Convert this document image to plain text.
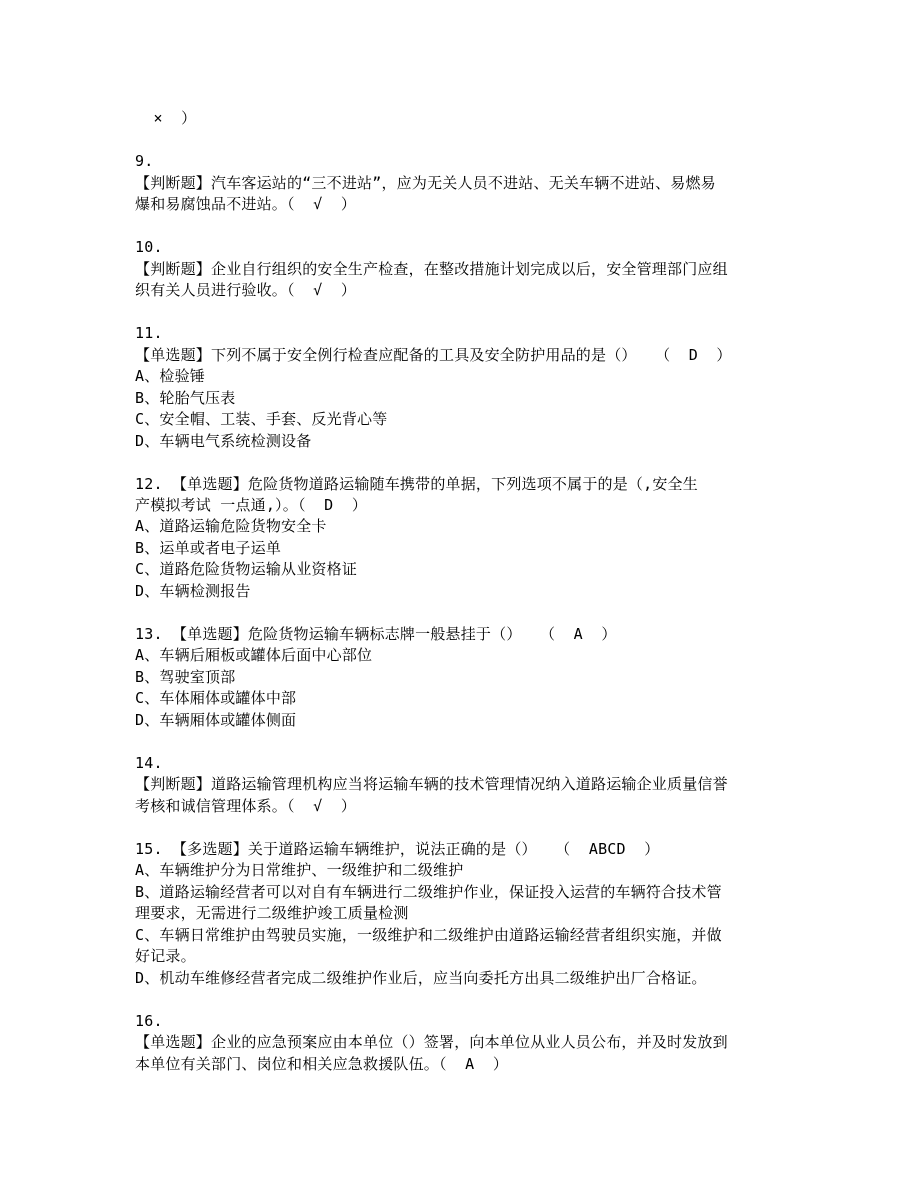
×  ）
9.
【判断题】汽车客运站的“三不进站”，应为无关人员不进站、无关车辆不进站、易燃易
爆和易腐蚀品不进站。（  √  ）
10.
【判断题】企业自行组织的安全生产检查，在整改措施计划完成以后，安全管理部门应组
织有关人员进行验收。（  √  ）
11.
【单选题】下列不属于安全例行检查应配备的工具及安全防护用品的是（）  （  D  ）
A、检验锤
B、轮胎气压表
C、安全帽、工装、手套、反光背心等
D、车辆电气系统检测设备
12. 【单选题】危险货物道路运输随车携带的单据，下列选项不属于的是（,安全生
产模拟考试 一点通,）。（  D  ）
A、道路运输危险货物安全卡
B、运单或者电子运单
C、道路危险货物运输从业资格证
D、车辆检测报告
13. 【单选题】危险货物运输车辆标志牌一般悬挂于（）  （  A  ）
A、车辆后厢板或罐体后面中心部位
B、驾驶室顶部
C、车体厢体或罐体中部
D、车辆厢体或罐体侧面
14.
【判断题】道路运输管理机构应当将运输车辆的技术管理情况纳入道路运输企业质量信誉
考核和诚信管理体系。（  √  ）
15. 【多选题】关于道路运输车辆维护，说法正确的是（）  （  ABCD  ）
A、车辆维护分为日常维护、一级维护和二级维护
B、道路运输经营者可以对自有车辆进行二级维护作业，保证投入运营的车辆符合技术管
理要求，无需进行二级维护竣工质量检测
C、车辆日常维护由驾驶员实施，一级维护和二级维护由道路运输经营者组织实施，并做
好记录。
D、机动车维修经营者完成二级维护作业后，应当向委托方出具二级维护出厂合格证。
16.
【单选题】企业的应急预案应由本单位（）签署，向本单位从业人员公布，并及时发放到
本单位有关部门、岗位和相关应急救援队伍。（  A  ）
